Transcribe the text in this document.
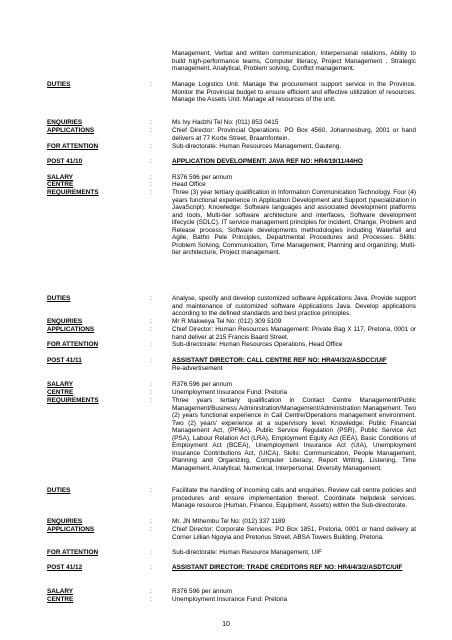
Management, Verbal and written communication, Interpersonal relations, Ability to build high-performance teams, Computer literacy, Project Management , Strategic management, Analytical, Problem solving, Conflict management.
DUTIES	:	Manage Logistics Unit. Manage the procurement support service in the Province. Monitor the Provincial budget to ensure efficient and effective utilization of resources. Manage the Assets Unit. Manage all resources of the unit.
ENQUIRIES	:	Ms Ivy Hadzhi Tel No: (011) 853 0415
APPLICATIONS	:	Chief Director: Provincial Operations: PO Box 4560, Johannesburg, 2001 or hand delivers at 77 Korte Street, Braamfontein.
FOR ATTENTION	:	Sub-directorate: Human Resources Management, Gauteng.
POST 41/10	:	APPLICATION DEVELOPMENT: JAVA REF NO: HR4/19/11/44HO
SALARY	:	R376 596 per annum
CENTRE	:	Head Office
REQUIREMENTS	:	Three (3) year tertiary qualification in Information Communication Technology. Four (4) years functional experience in Application Development and Support (specialization in JavaScript). Knowledge: Software languages and associated development platforms and tools, Multi-tier software architecture and interfaces, Software development lifecycle (SDLC), IT service management principles for incident, Change, Problem and Release process, Software developments methodologies including Waterfall and Agile, Batho Pele Principles, Departmental Procedures and Processes. Skills: Problem Solving, Communication, Time Management, Planning and organizing, Multi-tier architecture, Project management.
DUTIES	:	Analyse, specify and develop customized software Applications Java. Provide support and maintenance of customized software Applications Java. Develop applications according to the defined standards and best practice principles.
ENQUIRIES	:	Mr R Makweya Tel No: (012) 309 5109
APPLICATIONS	:	Chief Director: Human Resources Management: Private Bag X 117, Pretoria, 0001 or hand deliver at 215 Francis Baard Street.
FOR ATTENTION	:	Sub-directorate: Human Resources Operations, Head Office
POST 41/11	:	ASSISTANT DIRECTOR: CALL CENTRE REF NO: HR4/4/3/2/ASDCC/UIF
Re-advertisement
SALARY	:	R376 596 per annum
CENTRE	:	Unemployment Insurance Fund: Pretoria
REQUIREMENTS	:	Three years tertiary qualification in Contact Centre Management/Public Management/Business Administration/Management/Administration Management. Two (2) years functional experience in Call Centre/Operations management environment. Two (2) years' experience at a supervisory level. Knowledge: Public Financial Management Act, (PFMA). Public Service Regulation (PSR), Public Service Act (PSA), Labour Relation Act (LRA), Employment Equity Act (EEA), Basic Conditions of Employment Act (BCEA), Unemployment Insurance Act (UIA), Unemployment Insurance Contributions Act, (UICA). Skills: Communication, People Management, Planning and Organizing, Computer Literacy, Report Writing, Listening, Time Management, Analytical, Numerical, Interpersonal, Diversity Management.
DUTIES	:	Facilitate the handling of incoming calls and enquiries. Review call centre policies and procedures and ensure implementation thereof. Coordinate helpdesk services. Manage resource (Human, Finance, Equipment, Assets) within the Sub-directorate.
ENQUIRIES	:	Mr. JN Mthembu Tel No: (012) 337 1189
APPLICATIONS	:	Chief Director: Corporate Services: PO Box 1851, Pretoria, 0001 or hand delivery at Corner Lillian Ngoyia and Pretorius Street, ABSA Towers Building, Pretoria.
FOR ATTENTION	:	Sub-directorate: Human Resource Management, UIF
POST 41/12	:	ASSISTANT DIRECTOR: TRADE CREDITORS REF NO: HR4/4/3/2/ASDTC/UIF
SALARY	:	R376 596 per annum
CENTRE	:	Unemployment Insurance Fund: Pretoria
10
